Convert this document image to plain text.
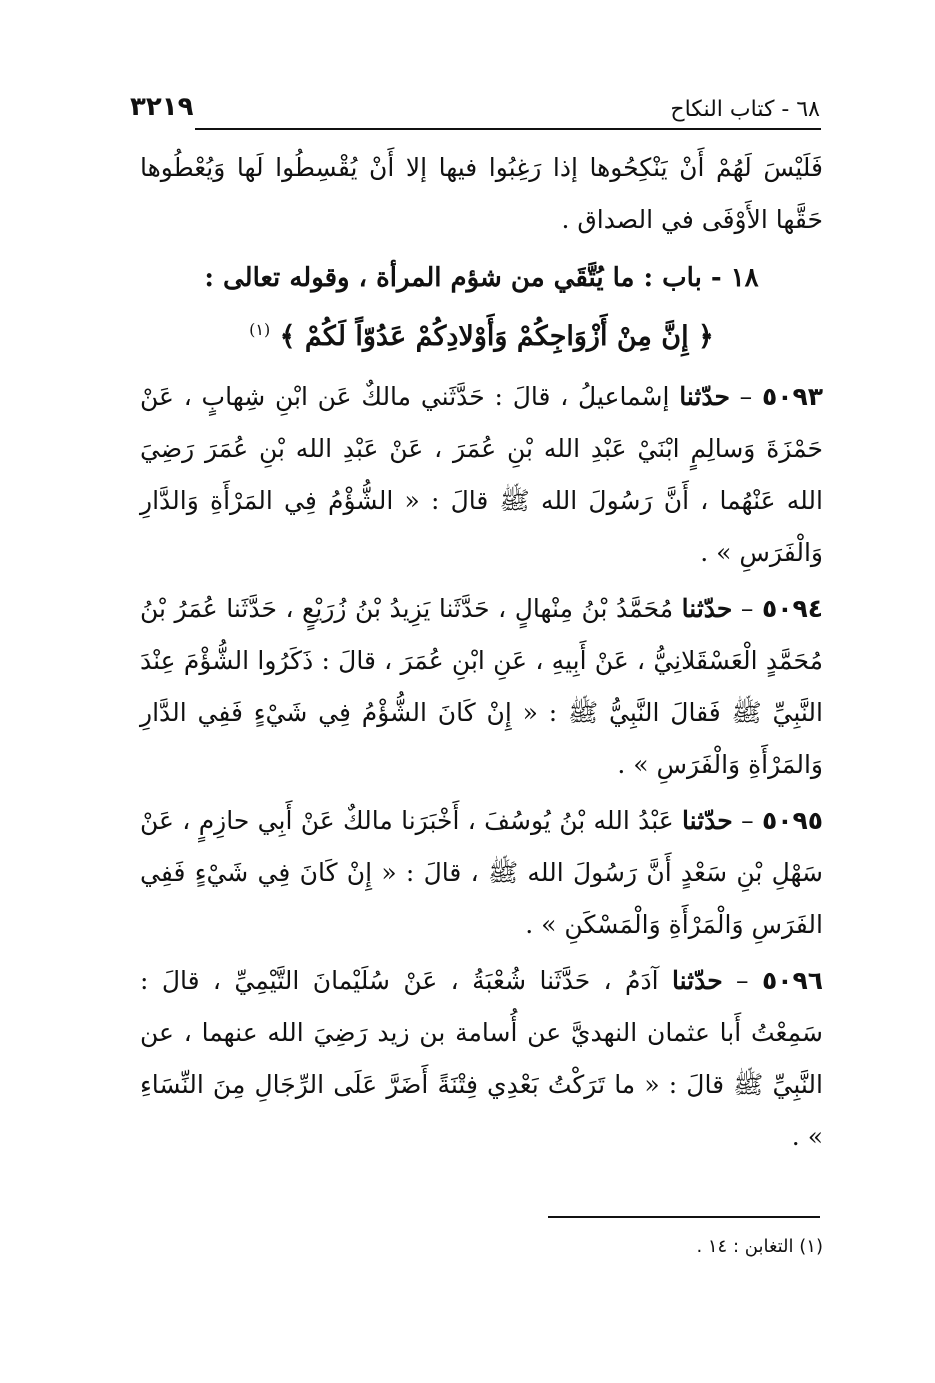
٦٨ - كتاب النكاح
٣٢١٩

فَلَيْسَ لَهُمْ أَنْ يَنْكِحُوها إذا رَغِبُوا فيها إلا أَنْ يُقْسِطُوا لَها وَيُعْطُوها حَقَّها الأَوْفَى في الصداق .

١٨ - باب : ما يُتَّقَي من شؤم المرأة ، وقوله تعالى :

﴿ إِنَّ مِنْ أَزْوَاجِكُمْ وَأَوْلادِكُمْ عَدُوّاً لَكُمْ ﴾ $^{(١)}$

٥٠٩٣ – حدّثنا إسْماعيلُ ، قالَ : حَدَّثَني مالكٌ عَن ابْنِ شِهابٍ ، عَنْ حَمْزَةَ وَسالِمٍ ابْنَيْ عَبْدِ الله بْنِ عُمَرَ ، عَنْ عَبْدِ الله بْنِ عُمَرَ رَضِيَ الله عَنْهُما ، أَنَّ رَسُولَ الله ﷺ قالَ : « الشُّؤْمُ فِي المَرْأَةِ وَالدَّارِ وَالْفَرَسِ » .

٥٠٩٤ – حدّثنا مُحَمَّدُ بْنُ مِنْهالٍ ، حَدَّثَنا يَزِيدُ بْنُ زُرَيْعٍ ، حَدَّثَنا عُمَرُ بْنُ مُحَمَّدٍ الْعَسْقَلانِيُّ ، عَنْ أَبِيهِ ، عَنِ ابْنِ عُمَرَ ، قالَ : ذَكَرُوا الشُّؤْمَ عِنْدَ النَّبِيِّ ﷺ فَقالَ النَّبِيُّ ﷺ : « إِنْ كَانَ الشُّؤْمُ فِي شَيْءٍ فَفِي الدَّارِ وَالمَرْأَةِ وَالْفَرَسِ » .

٥٠٩٥ – حدّثنا عَبْدُ الله بْنُ يُوسُفَ ، أَخْبَرَنا مالكٌ عَنْ أَبِي حازِمٍ ، عَنْ سَهْلِ بْنِ سَعْدٍ أَنَّ رَسُولَ الله ﷺ ، قالَ : « إِنْ كَانَ فِي شَيْءٍ فَفِي الفَرَسِ وَالْمَرْأَةِ وَالْمَسْكَنِ » .

٥٠٩٦ – حدّثنا آدَمُ ، حَدَّثَنا شُعْبَةُ ، عَنْ سُلَيْمانَ التَّيْمِيِّ ، قالَ : سَمِعْتُ أَبا عثمان النهديَّ عن أُسامة بن زيد رَضِيَ الله عنهما ، عن النَّبِيِّ ﷺ قالَ : « ما تَرَكْتُ بَعْدِي فِتْنَةً أَضَرَّ عَلَى الرِّجَالِ مِنَ النِّسَاءِ » .

(١) التغابن : ١٤ .
